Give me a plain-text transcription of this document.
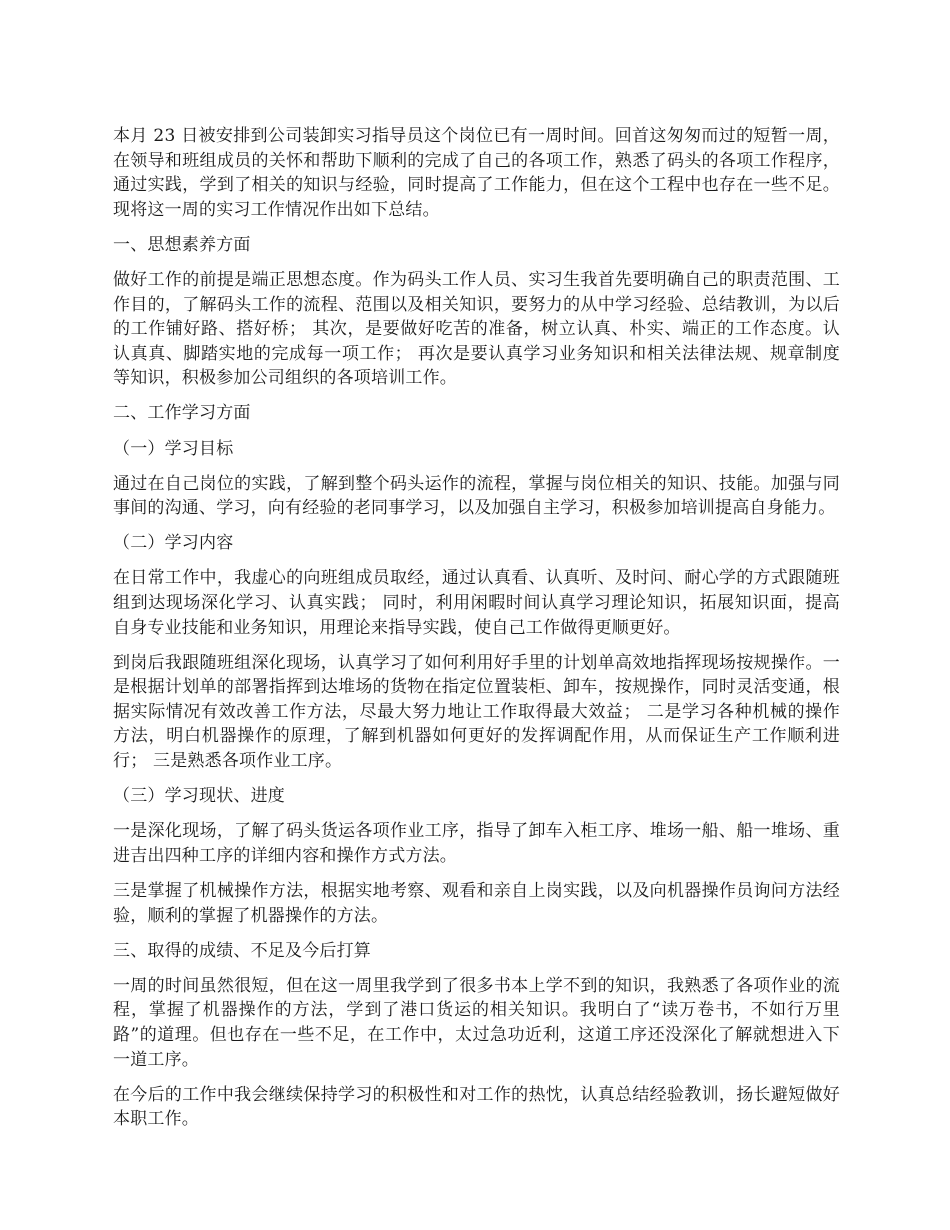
本月 23 日被安排到公司装卸实习指导员这个岗位已有一周时间。回首这匆匆而过的短暂一周，在领导和班组成员的关怀和帮助下顺利的完成了自己的各项工作，熟悉了码头的各项工作程序，通过实践，学到了相关的知识与经验，同时提高了工作能力，但在这个工程中也存在一些不足。现将这一周的实习工作情况作出如下总结。

一、思想素养方面

做好工作的前提是端正思想态度。作为码头工作人员、实习生我首先要明确自己的职责范围、工作目的，了解码头工作的流程、范围以及相关知识，要努力的从中学习经验、总结教训，为以后的工作铺好路、搭好桥； 其次，是要做好吃苦的准备，树立认真、朴实、端正的工作态度。认认真真、脚踏实地的完成每一项工作； 再次是要认真学习业务知识和相关法律法规、规章制度等知识，积极参加公司组织的各项培训工作。

二、工作学习方面

（一）学习目标

通过在自己岗位的实践，了解到整个码头运作的流程，掌握与岗位相关的知识、技能。加强与同事间的沟通、学习，向有经验的老同事学习，以及加强自主学习，积极参加培训提高自身能力。

（二）学习内容

在日常工作中，我虚心的向班组成员取经，通过认真看、认真听、及时问、耐心学的方式跟随班组到达现场深化学习、认真实践； 同时，利用闲暇时间认真学习理论知识，拓展知识面，提高自身专业技能和业务知识，用理论来指导实践，使自己工作做得更顺更好。

到岗后我跟随班组深化现场，认真学习了如何利用好手里的计划单高效地指挥现场按规操作。一是根据计划单的部署指挥到达堆场的货物在指定位置装柜、卸车，按规操作，同时灵活变通，根据实际情况有效改善工作方法，尽最大努力地让工作取得最大效益； 二是学习各种机械的操作方法，明白机器操作的原理，了解到机器如何更好的发挥调配作用，从而保证生产工作顺利进行； 三是熟悉各项作业工序。

（三）学习现状、进度

一是深化现场，了解了码头货运各项作业工序，指导了卸车入柜工序、堆场一船、船一堆场、重进吉出四种工序的详细内容和操作方式方法。

三是掌握了机械操作方法，根据实地考察、观看和亲自上岗实践，以及向机器操作员询问方法经验，顺利的掌握了机器操作的方法。

三、取得的成绩、不足及今后打算

一周的时间虽然很短，但在这一周里我学到了很多书本上学不到的知识，我熟悉了各项作业的流程，掌握了机器操作的方法，学到了港口货运的相关知识。我明白了“读万卷书，不如行万里路”的道理。但也存在一些不足，在工作中，太过急功近利，这道工序还没深化了解就想进入下一道工序。

在今后的工作中我会继续保持学习的积极性和对工作的热忱，认真总结经验教训，扬长避短做好本职工作。
